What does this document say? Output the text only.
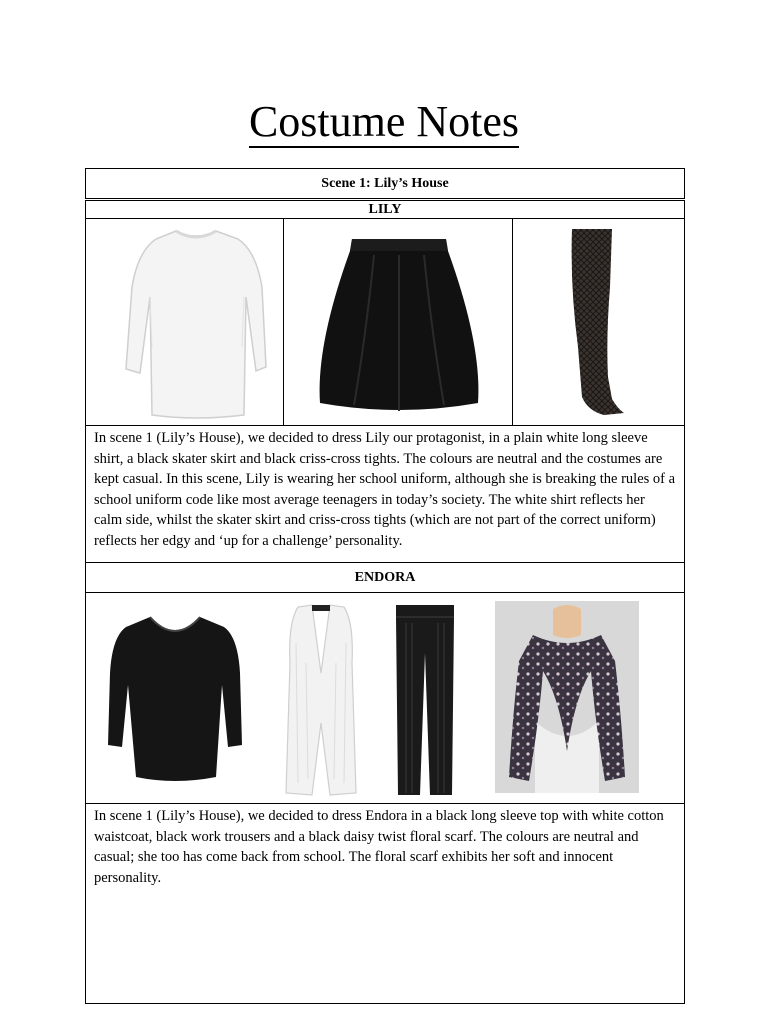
Costume Notes
Scene 1: Lily’s House
LILY
In scene 1 (Lily’s House), we decided to dress Lily our protagonist, in a plain white long sleeve shirt, a black skater skirt and black criss-cross tights. The colours are neutral and the costumes are kept casual. In this scene, Lily is wearing her school uniform, although she is breaking the rules of a school uniform code like most average teenagers in today’s society. The white shirt reflects her calm side, whilst the skater skirt and criss-cross tights (which are not part of the correct uniform) reflects her edgy and ‘up for a challenge’ personality.
ENDORA
In scene 1 (Lily’s House), we decided to dress Endora in a black long sleeve top with white cotton waistcoat, black work trousers and a black daisy twist floral scarf. The colours are neutral and casual; she too has come back from school. The floral scarf exhibits her soft and innocent personality.
